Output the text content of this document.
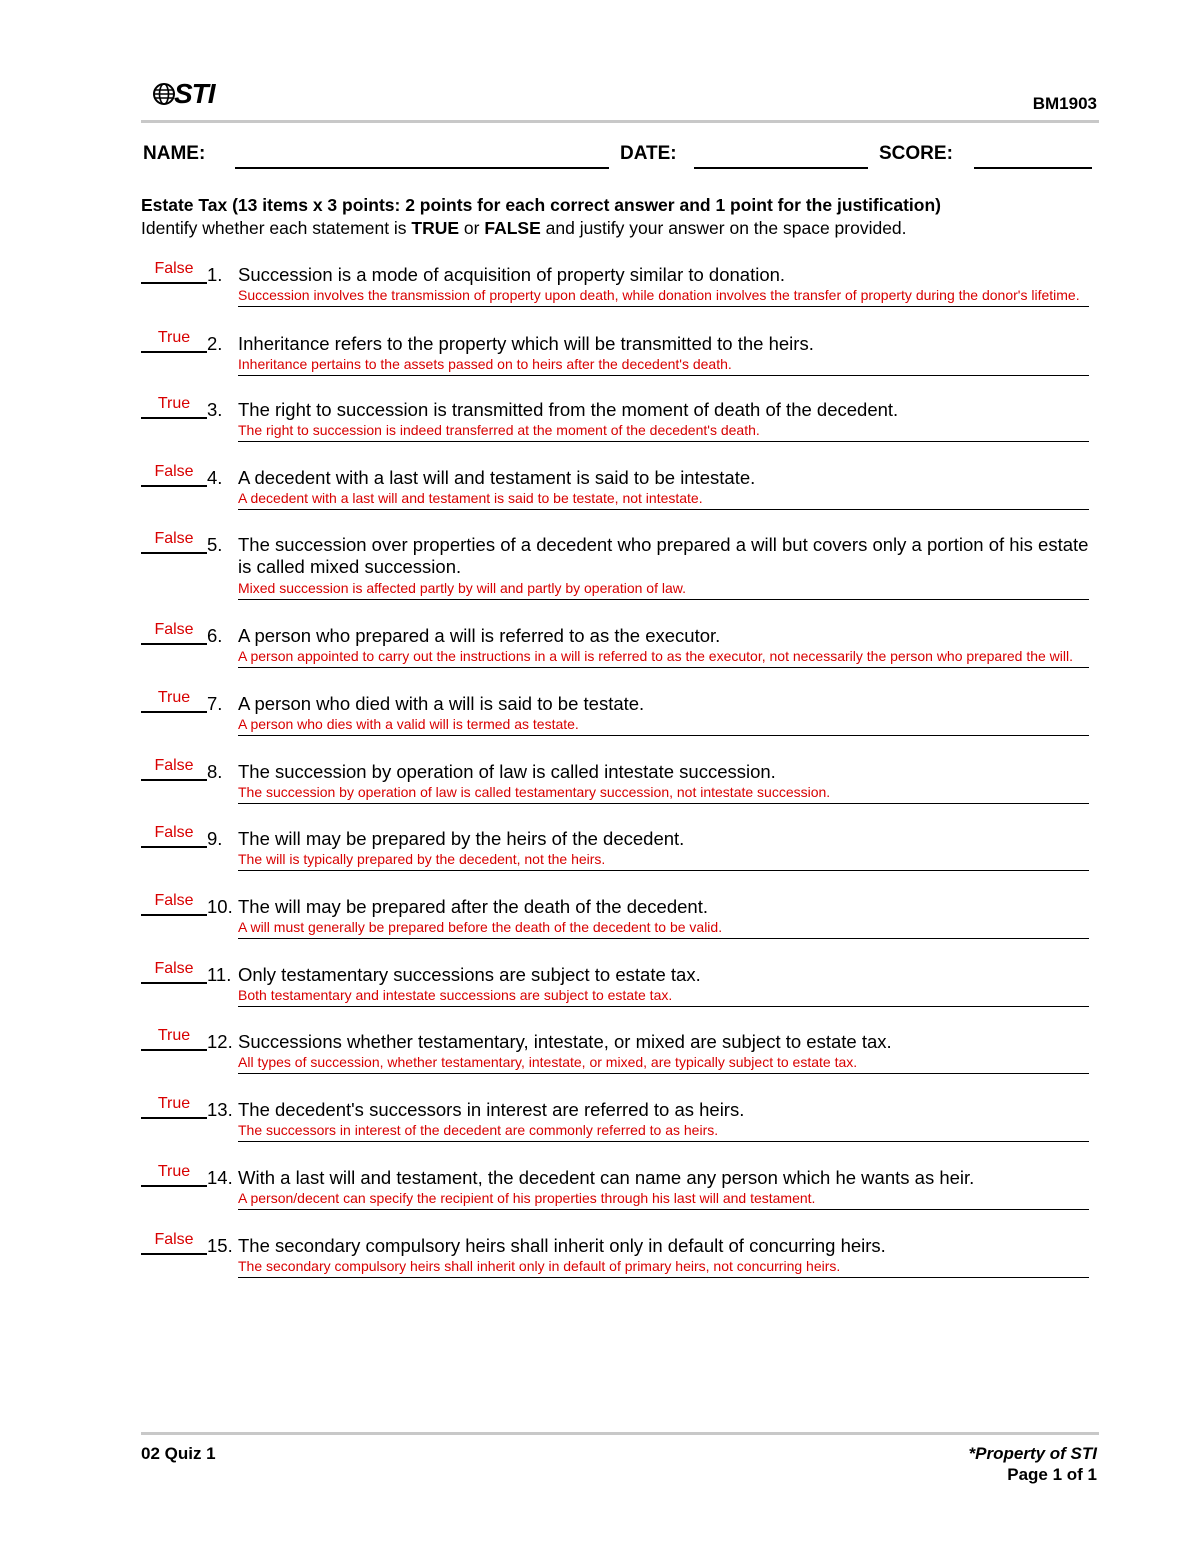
STI	BM1903
NAME:	DATE:	SCORE:
Estate Tax (13 items x 3 points: 2 points for each correct answer and 1 point for the justification)
Identify whether each statement is TRUE or FALSE and justify your answer on the space provided.
False 1. Succession is a mode of acquisition of property similar to donation.
Succession involves the transmission of property upon death, while donation involves the transfer of property during the donor's lifetime.
True 2. Inheritance refers to the property which will be transmitted to the heirs.
Inheritance pertains to the assets passed on to heirs after the decedent's death.
True 3. The right to succession is transmitted from the moment of death of the decedent.
The right to succession is indeed transferred at the moment of the decedent's death.
False 4. A decedent with a last will and testament is said to be intestate.
A decedent with a last will and testament is said to be testate, not intestate.
False 5. The succession over properties of a decedent who prepared a will but covers only a portion of his estate is called mixed succession.
Mixed succession is affected partly by will and partly by operation of law.
False 6. A person who prepared a will is referred to as the executor.
A person appointed to carry out the instructions in a will is referred to as the executor, not necessarily the person who prepared the will.
True 7. A person who died with a will is said to be testate.
A person who dies with a valid will is termed as testate.
False 8. The succession by operation of law is called intestate succession.
The succession by operation of law is called testamentary succession, not intestate succession.
False 9. The will may be prepared by the heirs of the decedent.
The will is typically prepared by the decedent, not the heirs.
False 10. The will may be prepared after the death of the decedent.
A will must generally be prepared before the death of the decedent to be valid.
False 11. Only testamentary successions are subject to estate tax.
Both testamentary and intestate successions are subject to estate tax.
True 12. Successions whether testamentary, intestate, or mixed are subject to estate tax.
All types of succession, whether testamentary, intestate, or mixed, are typically subject to estate tax.
True 13. The decedent's successors in interest are referred to as heirs.
The successors in interest of the decedent are commonly referred to as heirs.
True 14. With a last will and testament, the decedent can name any person which he wants as heir.
A person/decent can specify the recipient of his properties through his last will and testament.
False 15. The secondary compulsory heirs shall inherit only in default of concurring heirs.
The secondary compulsory heirs shall inherit only in default of primary heirs, not concurring heirs.
02 Quiz 1	*Property of STI
Page 1 of 1
